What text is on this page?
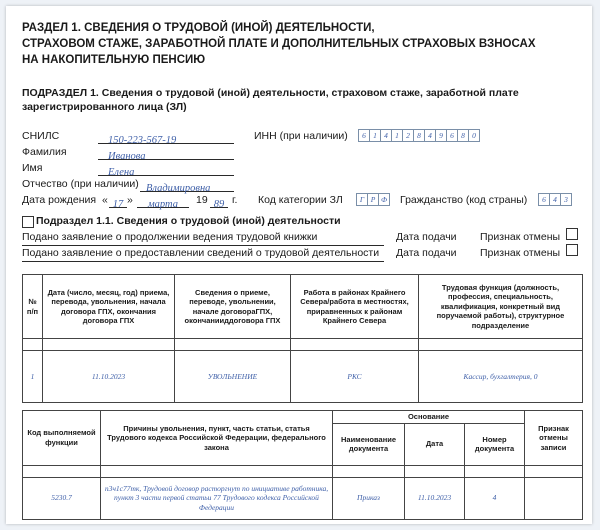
РАЗДЕЛ 1. СВЕДЕНИЯ О ТРУДОВОЙ (ИНОЙ) ДЕЯТЕЛЬНОСТИ,
СТРАХОВОМ СТАЖЕ, ЗАРАБОТНОЙ ПЛАТЕ И ДОПОЛНИТЕЛЬНЫХ СТРАХОВЫХ ВЗНОСАХ
НА НАКОПИТЕЛЬНУЮ ПЕНСИЮ
ПОДРАЗДЕЛ 1. Сведения о трудовой (иной) деятельности, страховом стаже, заработной плате
зарегистрированного лица (ЗЛ)
СНИЛС	150-223-567-19	ИНН (при наличии)	6 1 4 1 2 8 4 9 6 8 0
Фамилия	Иванова
Имя	Елена
Отчество (при наличии) Владимировна
Дата рождения « 17 »	марта	19 89 г. Код категории ЗЛ	Г Р Ф Гражданство (код страны)	6 4 3
Подраздел 1.1. Сведения о трудовой (иной) деятельности
Подано заявление о продолжении ведения трудовой книжки	Дата подачи Признак отмены
Подано заявление о предоставлении сведений о трудовой деятельности Дата подачи Признак отмены
№ п/п	Дата (число, месяц, год) приема, перевода, увольнения, начала договора ГПХ, окончания договора ГПХ	Сведения о приеме, переводе, увольнении, начале договораГПХ, окончанииддоговора ГПХ	Работа в районах Крайнего Севера/работа в местностях, приравненных к районам Крайнего Севера	Трудовая функция (должность, профессия, специальность, квалификация, конкретный вид поручаемой работы), структурное подразделение

1	11.10.2023	УВОЛЬНЕНИЕ	РКС	Кассир, бухгалтерия, 0
Код выполняемой функции	Причины увольнения, пункт, часть статьи, статья Трудового кодекса Российской Федерации, федерального закона	Основание			Признак отмены записи
		Наименование документа	Дата	Номер документа	

5230.7	п3ч1с77тк, Трудовой договор расторгнут по инициативе работника, пункт 3 части первой статьи 77 Трудового кодекса Российской Федерации	Приказ	11.10.2023	4	
